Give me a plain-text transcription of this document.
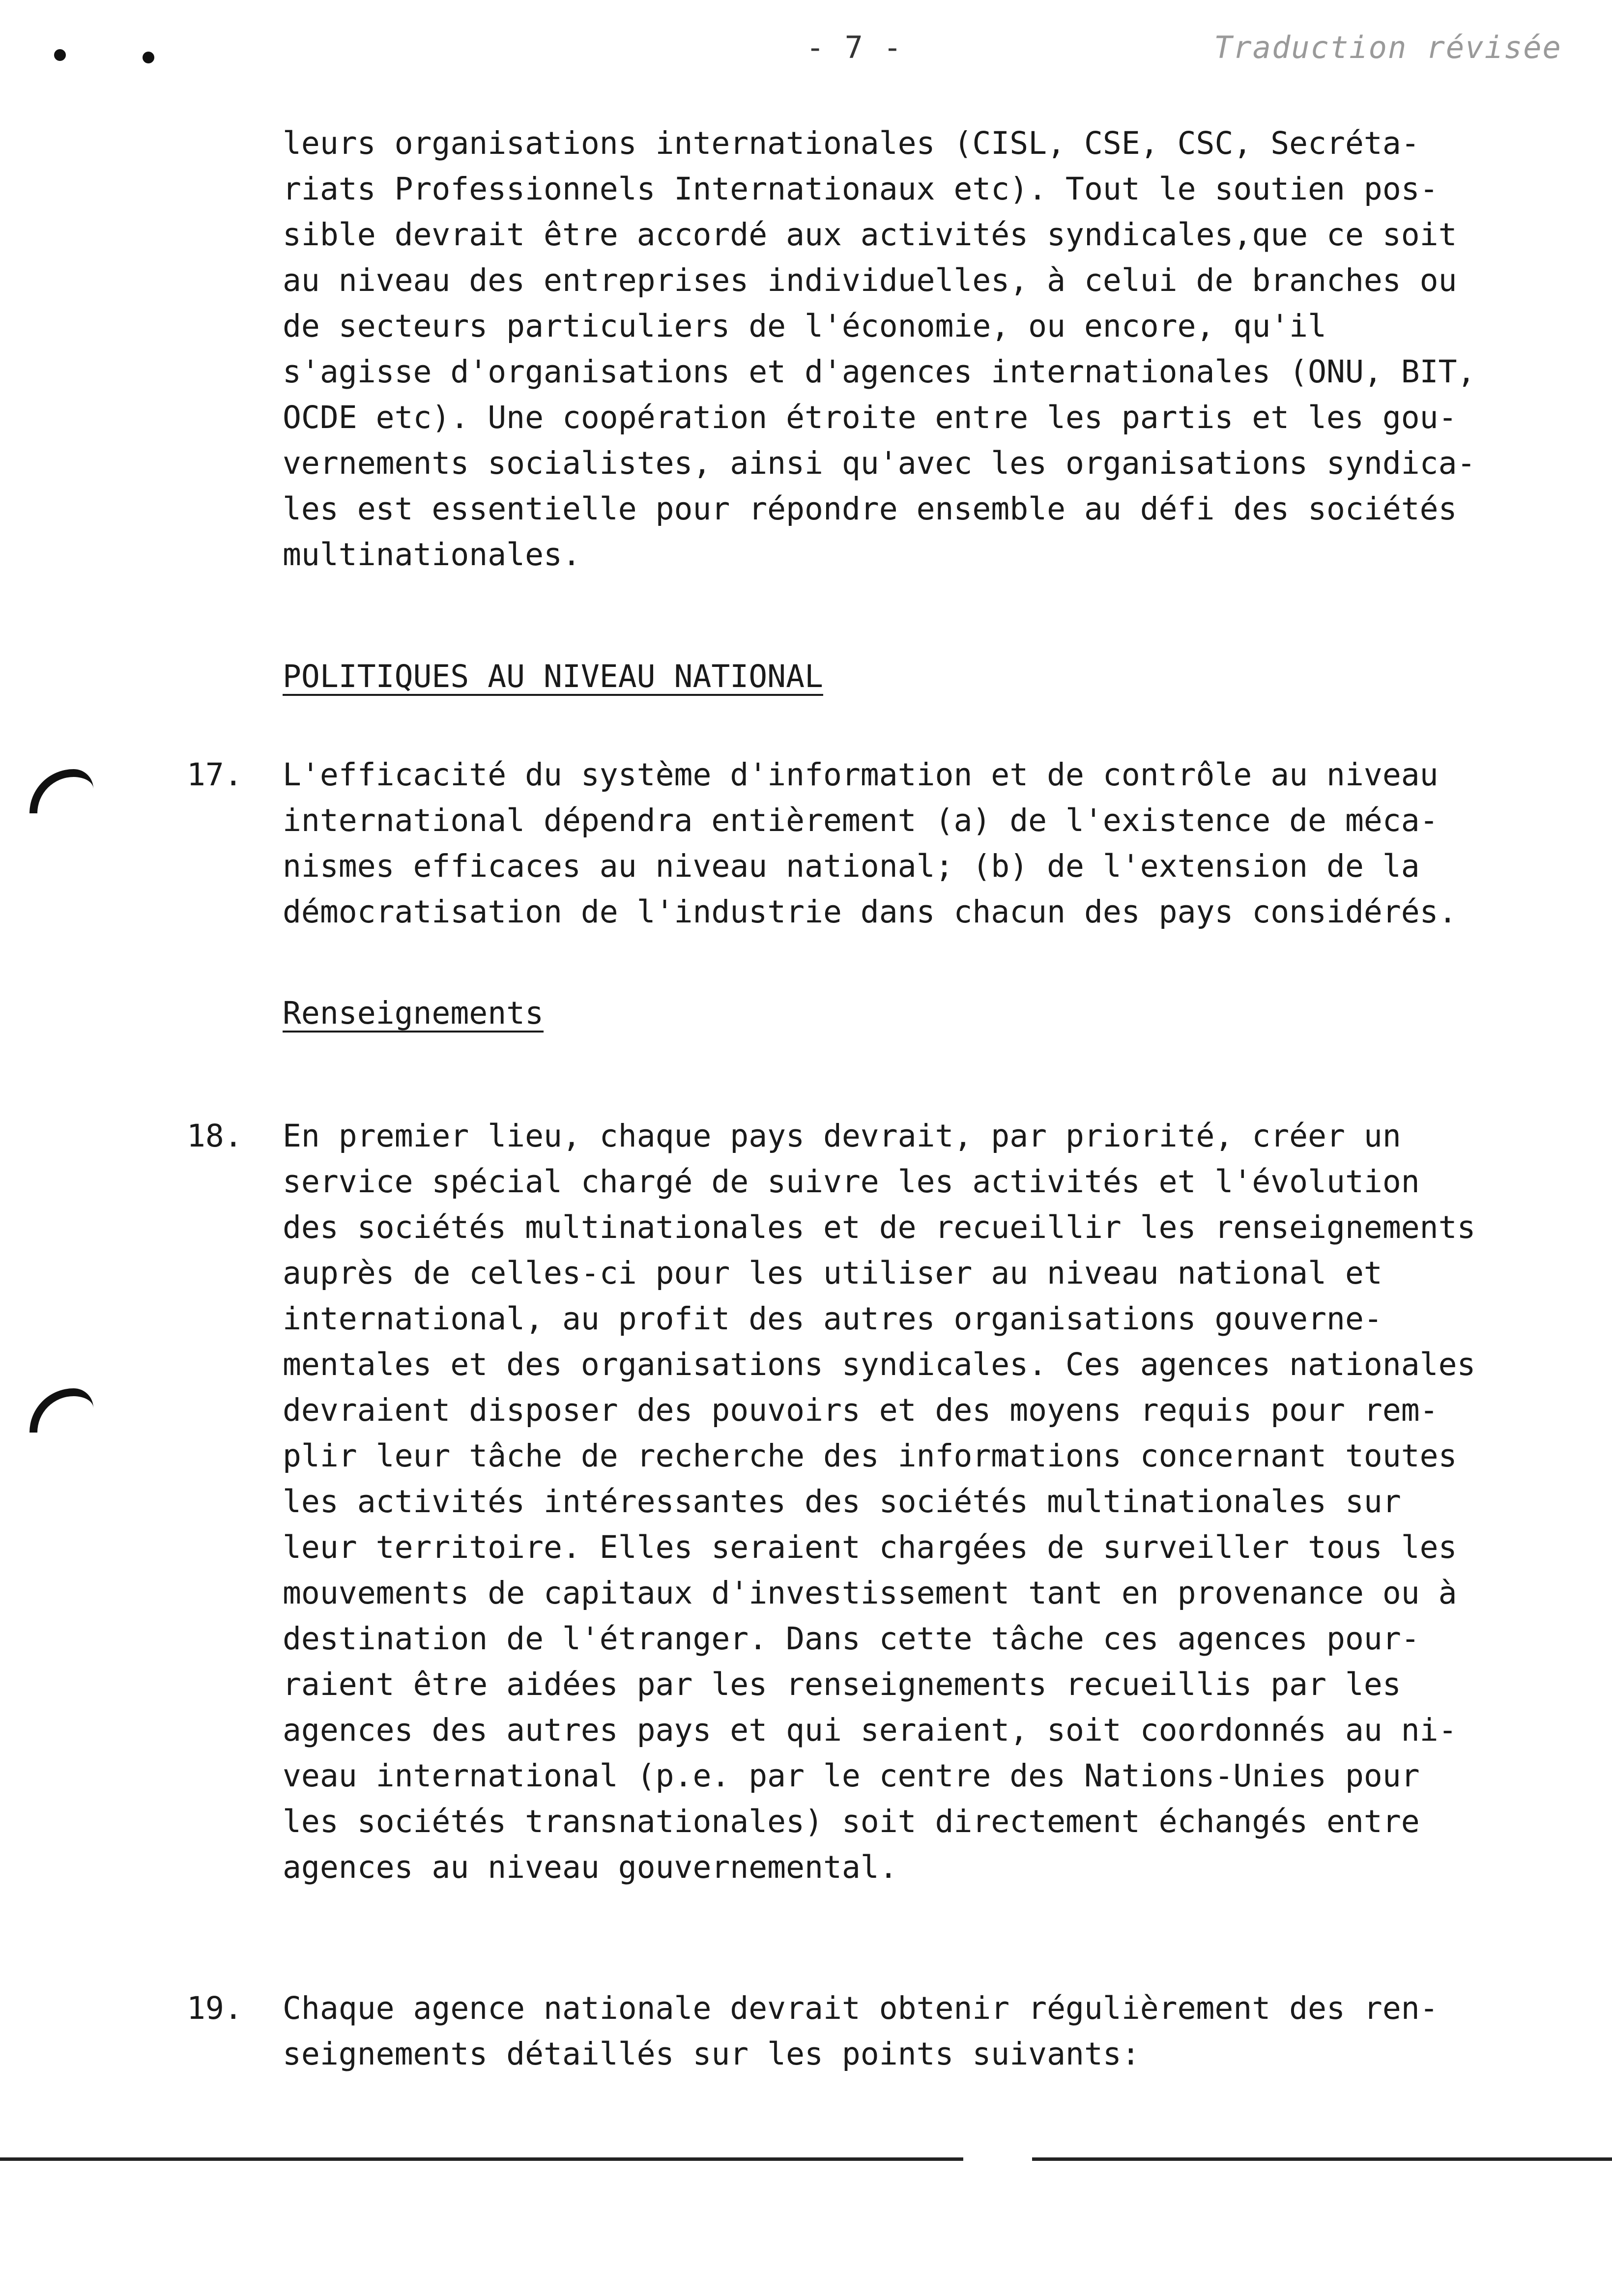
- 7 -	Traduction révisée

leurs organisations internationales (CISL, CSE, CSC, Secréta-
riats Professionnels Internationaux etc). Tout le soutien pos-
sible devrait être accordé aux activités syndicales,que ce soit
au niveau des entreprises individuelles, à celui de branches ou
de secteurs particuliers de l'économie, ou encore, qu'il
s'agisse d'organisations et d'agences internationales (ONU, BIT,
OCDE etc). Une coopération étroite entre les partis et les gou-
vernements socialistes, ainsi qu'avec les organisations syndica-
les est essentielle pour répondre ensemble au défi des sociétés
multinationales.

POLITIQUES AU NIVEAU NATIONAL
17. L'efficacité du système d'information et de contrôle au niveau
international dépendra entièrement (a) de l'existence de méca-
nismes efficaces au niveau national; (b) de l'extension de la
démocratisation de l'industrie dans chacun des pays considérés.

Renseignements
18. En premier lieu, chaque pays devrait, par priorité, créer un
service spécial chargé de suivre les activités et l'évolution
des sociétés multinationales et de recueillir les renseignements
auprès de celles-ci pour les utiliser au niveau national et
international, au profit des autres organisations gouverne-
mentales et des organisations syndicales. Ces agences nationales
devraient disposer des pouvoirs et des moyens requis pour rem-
plir leur tâche de recherche des informations concernant toutes
les activités intéressantes des sociétés multinationales sur
leur territoire. Elles seraient chargées de surveiller tous les
mouvements de capitaux d'investissement tant en provenance ou à
destination de l'étranger. Dans cette tâche ces agences pour-
raient être aidées par les renseignements recueillis par les
agences des autres pays et qui seraient, soit coordonnés au ni-
veau international (p.e. par le centre des Nations-Unies pour
les sociétés transnationales) soit directement échangés entre
agences au niveau gouvernemental.

19. Chaque agence nationale devrait obtenir régulièrement des ren-
seignements détaillés sur les points suivants:
